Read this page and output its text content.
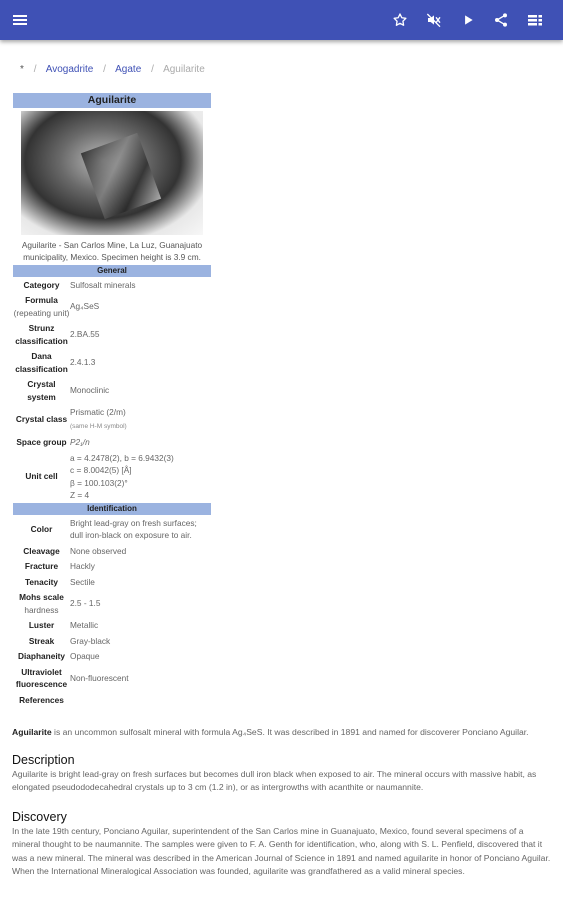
* / Avogadrite / Agate / Aguilarite
Aguilarite
Aguilarite - San Carlos Mine, La Luz, Guanajuato municipality, Mexico. Specimen height is 3.9 cm.
General
Category	Sulfosalt minerals
Formula
(repeating unit)	Ag₄SeS
Strunz classification	2.BA.55
Dana classification	2.4.1.3
Crystal system	Monoclinic
Crystal class	Prismatic (2/m)
(same H-M symbol)
Space group	P2₁/n
Unit cell	a = 4.2478(2), b = 6.9432(3)
c = 8.0042(5) [Å]
β = 100.103(2)°
Z = 4
Identification
Color	Bright lead-gray on fresh surfaces; dull iron-black on exposure to air.
Cleavage	None observed
Fracture	Hackly
Tenacity	Sectile
Mohs scale
hardness	2.5 - 1.5
Luster	Metallic
Streak	Gray-black
Diaphaneity	Opaque
Ultraviolet fluorescence	Non-fluorescent
References	

Aguilarite is an uncommon sulfosalt mineral with formula Ag₄SeS. It was described in 1891 and named for discoverer Ponciano Aguilar.

Description

Aguilarite is bright lead-gray on fresh surfaces but becomes dull iron black when exposed to air. The mineral occurs with massive habit, as elongated pseudododecahedral crystals up to 3 cm (1.2 in), or as intergrowths with acanthite or naumannite.

Discovery

In the late 19th century, Ponciano Aguilar, superintendent of the San Carlos mine in Guanajuato, Mexico, found several specimens of a mineral thought to be naumannite. The samples were given to F. A. Genth for identification, who, along with S. L. Penfield, discovered that it was a new mineral. The mineral was described in the American Journal of Science in 1891 and named aguilarite in honor of Ponciano Aguilar. When the International Mineralogical Association was founded, aguilarite was grandfathered as a valid mineral species.
